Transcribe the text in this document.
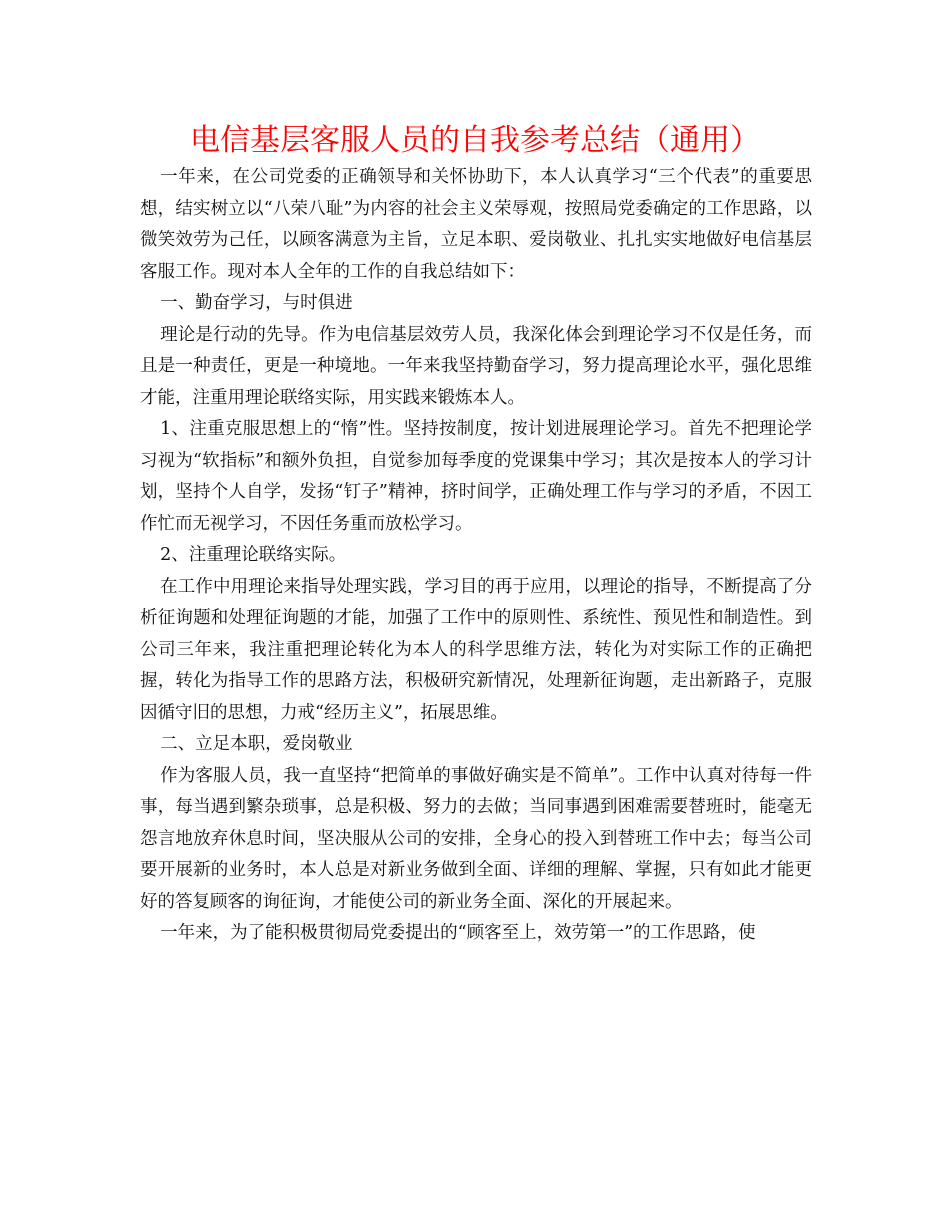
电信基层客服人员的自我参考总结（通用）

一年来，在公司党委的正确领导和关怀协助下，本人认真学习“三个代表”的重要思想，结实树立以“八荣八耻”为内容的社会主义荣辱观，按照局党委确定的工作思路，以微笑效劳为己任，以顾客满意为主旨，立足本职、爱岗敬业、扎扎实实地做好电信基层客服工作。现对本人全年的工作的自我总结如下：

一、勤奋学习，与时俱进

理论是行动的先导。作为电信基层效劳人员，我深化体会到理论学习不仅是任务，而且是一种责任，更是一种境地。一年来我坚持勤奋学习，努力提高理论水平，强化思维才能，注重用理论联络实际，用实践来锻炼本人。

1、注重克服思想上的“惰”性。坚持按制度，按计划进展理论学习。首先不把理论学习视为“软指标”和额外负担，自觉参加每季度的党课集中学习；其次是按本人的学习计划，坚持个人自学，发扬“钉子”精神，挤时间学，正确处理工作与学习的矛盾，不因工作忙而无视学习，不因任务重而放松学习。

2、注重理论联络实际。

在工作中用理论来指导处理实践，学习目的再于应用，以理论的指导，不断提高了分析征询题和处理征询题的才能，加强了工作中的原则性、系统性、预见性和制造性。到公司三年来，我注重把理论转化为本人的科学思维方法，转化为对实际工作的正确把握，转化为指导工作的思路方法，积极研究新情况，处理新征询题，走出新路子，克服因循守旧的思想，力戒“经历主义”，拓展思维。

二、立足本职，爱岗敬业

作为客服人员，我一直坚持“把简单的事做好确实是不简单”。工作中认真对待每一件事，每当遇到繁杂琐事，总是积极、努力的去做；当同事遇到困难需要替班时，能毫无怨言地放弃休息时间，坚决服从公司的安排，全身心的投入到替班工作中去；每当公司要开展新的业务时，本人总是对新业务做到全面、详细的理解、掌握，只有如此才能更好的答复顾客的询征询，才能使公司的新业务全面、深化的开展起来。

一年来，为了能积极贯彻局党委提出的“顾客至上，效劳第一”的工作思路，使
